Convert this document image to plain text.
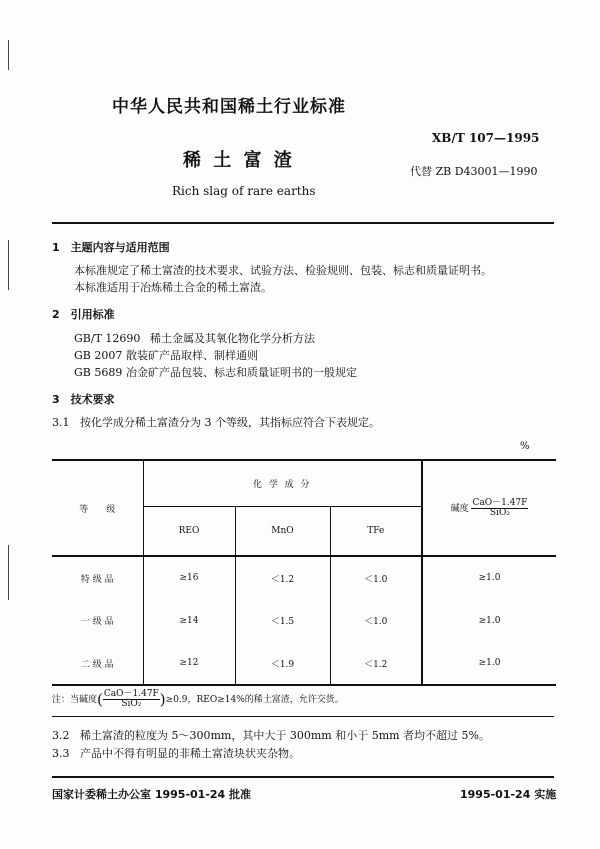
中华人民共和国稀土行业标准
XB/T 107—1995
稀 土 富 渣
代替 ZB D43001—1990
Rich slag of rare earths
1　主题内容与适用范围
本标准规定了稀土富渣的技术要求、试验方法、检验规则、包装、标志和质量证明书。
本标准适用于冶炼稀土合金的稀土富渣。
2　引用标准
GB/T 12690 稀土金属及其氧化物化学分析方法
GB 2007 散装矿产品取样、制样通则
GB 5689 冶金矿产品包装、标志和质量证明书的一般规定
3　技术要求
3.1 按化学成分稀土富渣分为 3 个等级，其指标应符合下表规定。
%
等　　级	化 学 成 分			碱度 $\frac{\text{CaO－1.47F}}{\text{SiO₂}}$

	REO	MnO	TFe	
特 级 品	≥16	＜1.2	＜1.0	≥1.0
一 级 品	≥14	＜1.5	＜1.0	≥1.0
二 级 品	≥12	＜1.9	＜1.2	≥1.0
注：当碱度( $\frac{\text{CaO－1.47F}}{\text{SiO₂}} )\ge 0.9$，REO≥14%的稀土富渣，允许交货。
3.2 稀土富渣的粒度为 5～300mm，其中大于 300mm 和小于 5mm 者均不超过 5%。
3.3 产品中不得有明显的非稀土富渣块状夹杂物。
国家计委稀土办公室 1995-01-24 批准	1995-01-24 实施
